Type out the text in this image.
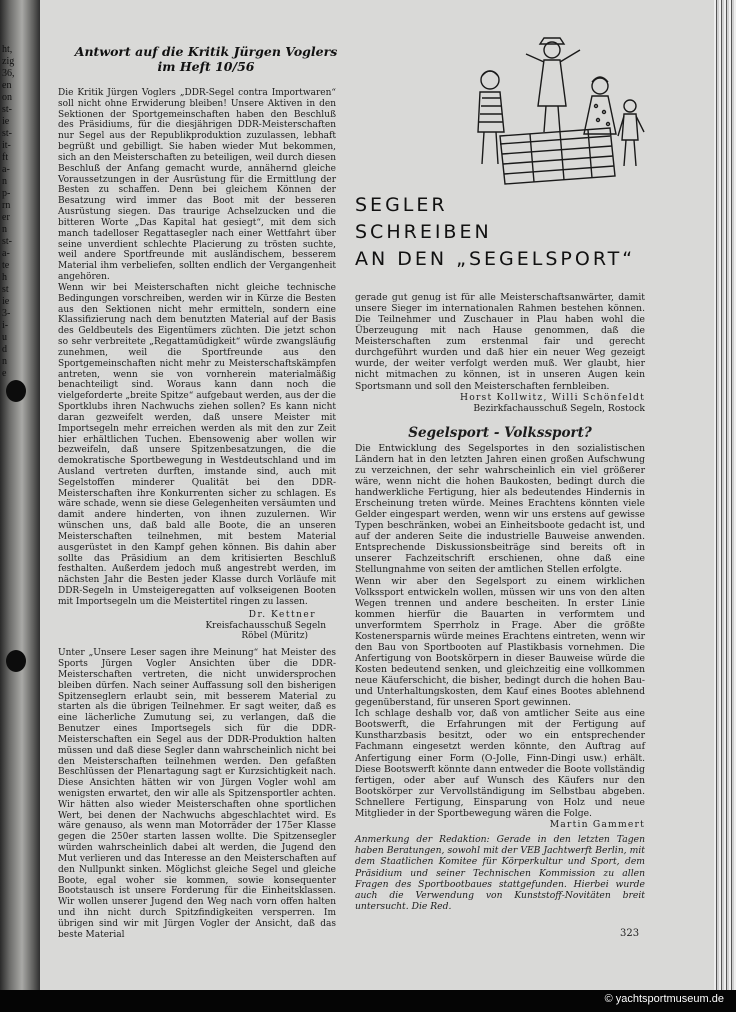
ht,
zig
36,
en
on
st-
ie
st-
it-
ft
a-
n
p-
rn
er
n
st-
a-
te
h
st
ie
3-
i-
u
d
n
e
Antwort auf die Kritik Jürgen Voglers im Heft 10/56

Die Kritik Jürgen Voglers „DDR-Segel contra Importwaren“ soll nicht ohne Erwiderung bleiben! Unsere Aktiven in den Sektionen der Sportgemeinschaften haben den Beschluß des Präsidiums, für die diesjährigen DDR-Meisterschaften nur Segel aus der Republikproduktion zuzulassen, lebhaft begrüßt und gebilligt. Sie haben wieder Mut bekommen, sich an den Meisterschaften zu beteiligen, weil durch diesen Beschluß der Anfang gemacht wurde, annähernd gleiche Voraussetzungen in der Ausrüstung für die Ermittlung der Besten zu schaffen. Denn bei gleichem Können der Besatzung wird immer das Boot mit der besseren Ausrüstung siegen. Das traurige Achselzucken und die bitteren Worte „Das Kapital hat gesiegt“, mit dem sich manch tadelloser Regattasegler nach einer Wettfahrt über seine unverdient schlechte Placierung zu trösten suchte, weil andere Sportfreunde mit ausländischem, besserem Material ihm verbeliefen, sollten endlich der Vergangenheit angehören.

Wenn wir bei Meisterschaften nicht gleiche technische Bedingungen vorschreiben, werden wir in Kürze die Besten aus den Sektionen nicht mehr ermitteln, sondern eine Klassifizierung nach dem benutzten Material auf der Basis des Geldbeutels des Eigentümers züchten. Die jetzt schon so sehr verbreitete „Regattamüdigkeit“ würde zwangsläufig zunehmen, weil die Sportfreunde aus den Sportgemeinschaften nicht mehr zu Meisterschaftskämpfen antreten, wenn sie von vornherein materialmäßig benachteiligt sind. Woraus kann dann noch die vielgeforderte „breite Spitze“ aufgebaut werden, aus der die Sportklubs ihren Nachwuchs ziehen sollen? Es kann nicht daran gezweifelt werden, daß unsere Meister mit Importsegeln mehr erreichen werden als mit den zur Zeit hier erhältlichen Tuchen. Ebensowenig aber wollen wir bezweifeln, daß unsere Spitzenbesatzungen, die die demokratische Sportbewegung in Westdeutschland und im Ausland vertreten durften, imstande sind, auch mit Segelstoffen minderer Qualität bei den DDR-Meisterschaften ihre Konkurrenten sicher zu schlagen. Es wäre schade, wenn sie diese Gelegenheiten versäumten und damit andere hinderten, von ihnen zuzulernen. Wir wünschen uns, daß bald alle Boote, die an unseren Meisterschaften teilnehmen, mit bestem Material ausgerüstet in den Kampf gehen können. Bis dahin aber sollte das Präsidium an dem kritisierten Beschluß festhalten. Außerdem jedoch muß angestrebt werden, im nächsten Jahr die Besten jeder Klasse durch Vorläufe mit DDR-Segeln in Umsteigeregatten auf volkseigenen Booten mit Importsegeln um die Meistertitel ringen zu lassen.

Dr. Kettner
Kreisfachausschuß Segeln
Röbel (Müritz)

Unter „Unsere Leser sagen ihre Meinung“ hat Meister des Sports Jürgen Vogler Ansichten über die DDR-Meisterschaften vertreten, die nicht unwidersprochen bleiben dürfen. Nach seiner Auffassung soll den bisherigen Spitzenseglern erlaubt sein, mit besserem Material zu starten als die übrigen Teilnehmer. Er sagt weiter, daß es eine lächerliche Zumutung sei, zu verlangen, daß die Benutzer eines Importsegels sich für die DDR-Meisterschaften ein Segel aus der DDR-Produktion halten müssen und daß diese Segler dann wahrscheinlich nicht bei den Meisterschaften teilnehmen werden. Den gefaßten Beschlüssen der Plenartagung sagt er Kurzsichtigkeit nach. Diese Ansichten hätten wir von Jürgen Vogler wohl am wenigsten erwartet, den wir alle als Spitzensportler achten. Wir hätten also wieder Meisterschaften ohne sportlichen Wert, bei denen der Nachwuchs abgeschlachtet wird. Es wäre genauso, als wenn man Motorräder der 175er Klasse gegen die 250er starten lassen wollte. Die Spitzensegler würden wahrscheinlich dabei alt werden, die Jugend den Mut verlieren und das Interesse an den Meisterschaften auf den Nullpunkt sinken. Möglichst gleiche Segel und gleiche Boote, egal woher sie kommen, sowie konsequenter Bootstausch ist unsere Forderung für die Einheitsklassen. Wir wollen unserer Jugend den Weg nach vorn offen halten und ihn nicht durch Spitzfindigkeiten versperren. Im übrigen sind wir mit Jürgen Vogler der Ansicht, daß das beste Material

SEGLER
SCHREIBEN
AN DEN „SEGELSPORT“

gerade gut genug ist für alle Meisterschaftsanwärter, damit unsere Sieger im internationalen Rahmen bestehen können. Die Teilnehmer und Zuschauer in Plau haben wohl die Überzeugung mit nach Hause genommen, daß die Meisterschaften zum erstenmal fair und gerecht durchgeführt wurden und daß hier ein neuer Weg gezeigt wurde, der weiter verfolgt werden muß. Wer glaubt, hier nicht mitmachen zu können, ist in unseren Augen kein Sportsmann und soll den Meisterschaften fernbleiben.

Horst Kollwitz, Willi Schönfeldt
Bezirkfachausschuß Segeln, Rostock
Segelsport - Volkssport?

Die Entwicklung des Segelsportes in den sozialistischen Ländern hat in den letzten Jahren einen großen Aufschwung zu verzeichnen, der sehr wahrscheinlich ein viel größerer wäre, wenn nicht die hohen Baukosten, bedingt durch die handwerkliche Fertigung, hier als bedeutendes Hindernis in Erscheinung treten würde. Meines Erachtens könnten viele Gelder eingespart werden, wenn wir uns erstens auf gewisse Typen beschränken, wobei an Einheitsboote gedacht ist, und auf der anderen Seite die industrielle Bauweise anwenden. Entsprechende Diskussionsbeiträge sind bereits oft in unserer Fachzeitschrift erschienen, ohne daß eine Stellungnahme von seiten der amtlichen Stellen erfolgte.

Wenn wir aber den Segelsport zu einem wirklichen Volkssport entwickeln wollen, müssen wir uns von den alten Wegen trennen und andere bescheiten. In erster Linie kommen hierfür die Bauarten in verformtem und unverformtem Sperrholz in Frage. Aber die größte Kostenersparnis würde meines Erachtens eintreten, wenn wir den Bau von Sportbooten auf Plastikbasis vornehmen. Die Anfertigung von Bootskörpern in dieser Bauweise würde die Kosten bedeutend senken, und gleichzeitig eine vollkommen neue Käuferschicht, die bisher, bedingt durch die hohen Bau- und Unterhaltungskosten, dem Kauf eines Bootes ablehnend gegenüberstand, für unseren Sport gewinnen.

Ich schlage deshalb vor, daß von amtlicher Seite aus eine Bootswerft, die Erfahrungen mit der Fertigung auf Kunstharzbasis besitzt, oder wo ein entsprechender Fachmann eingesetzt werden könnte, den Auftrag auf Anfertigung einer Form (O-Jolle, Finn-Dingi usw.) erhält. Diese Bootswerft könnte dann entweder die Boote vollständig fertigen, oder aber auf Wunsch des Käufers nur den Bootskörper zur Vervollständigung im Selbstbau abgeben. Schnellere Fertigung, Einsparung von Holz und neue Mitglieder in der Sportbewegung wären die Folge.

Martin Gammert

Anmerkung der Redaktion: Gerade in den letzten Tagen haben Beratungen, sowohl mit der VEB Jachtwerft Berlin, mit dem Staatlichen Komitee für Körperkultur und Sport, dem Präsidium und seiner Technischen Kommission zu allen Fragen des Sportbootbaues stattgefunden. Hierbei wurde auch die Verwendung von Kunststoff-Novitäten breit untersucht. Die Red.

323
© yachtsportmuseum.de
